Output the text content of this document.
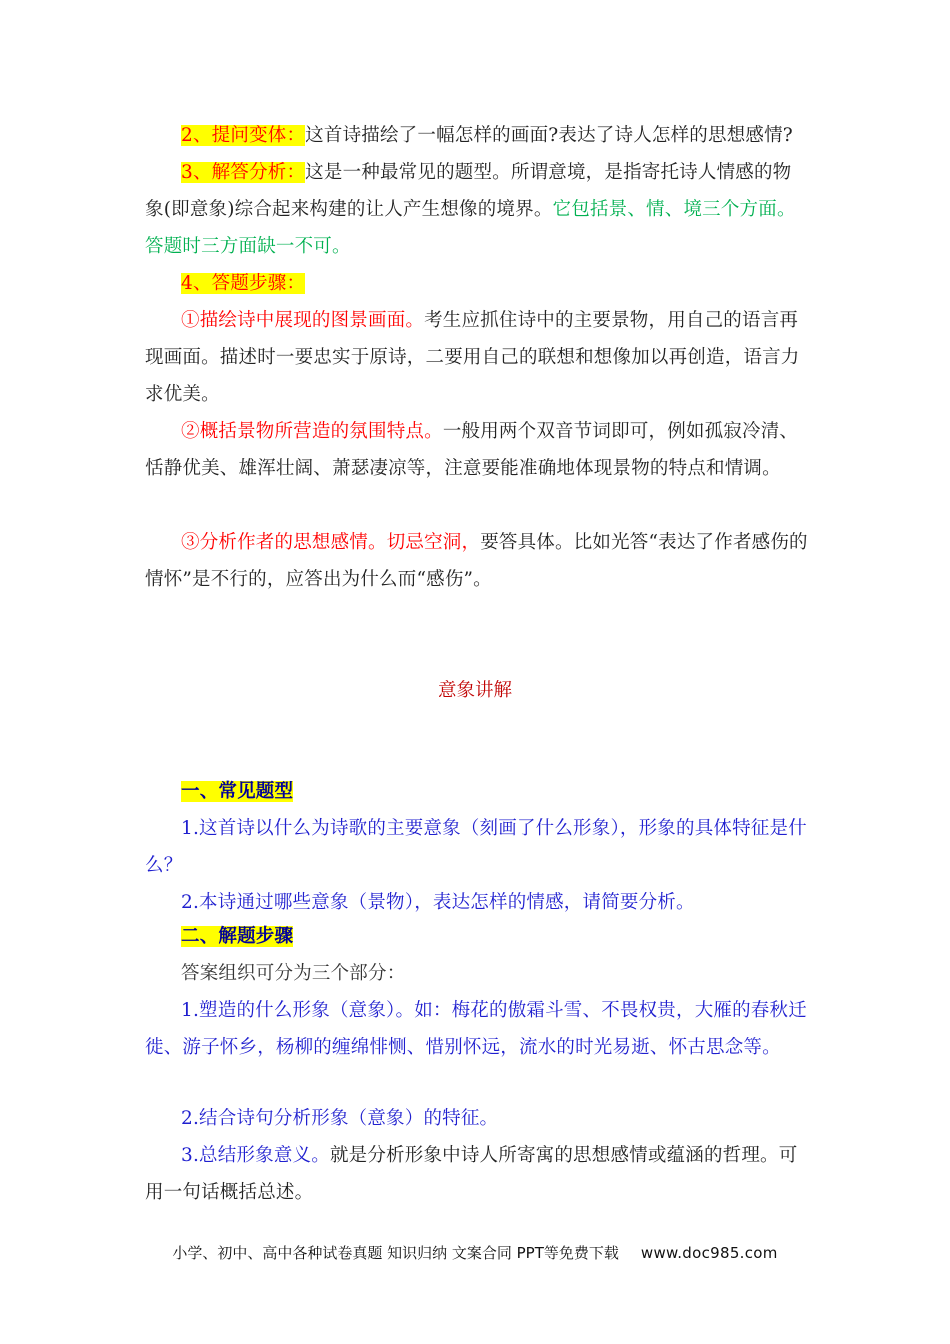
2、提问变体：这首诗描绘了一幅怎样的画面?表达了诗人怎样的思想感情?

3、解答分析：这是一种最常见的题型。所谓意境，是指寄托诗人情感的物象(即意象)综合起来构建的让人产生想像的境界。它包括景、情、境三个方面。答题时三方面缺一不可。

4、答题步骤：

①描绘诗中展现的图景画面。考生应抓住诗中的主要景物，用自己的语言再现画面。描述时一要忠实于原诗，二要用自己的联想和想像加以再创造，语言力求优美。

②概括景物所营造的氛围特点。一般用两个双音节词即可，例如孤寂冷清、恬静优美、雄浑壮阔、萧瑟凄凉等，注意要能准确地体现景物的特点和情调。

③分析作者的思想感情。切忌空洞，要答具体。比如光答“表达了作者感伤的情怀”是不行的，应答出为什么而“感伤”。

意象讲解

一、常见题型

1.这首诗以什么为诗歌的主要意象（刻画了什么形象），形象的具体特征是什么？

2.本诗通过哪些意象（景物），表达怎样的情感，请简要分析。

二、解题步骤

答案组织可分为三个部分：

1.塑造的什么形象（意象）。如：梅花的傲霜斗雪、不畏权贵，大雁的春秋迁徙、游子怀乡，杨柳的缠绵悱恻、惜别怀远，流水的时光易逝、怀古思念等。

2.结合诗句分析形象（意象）的特征。

3.总结形象意义。就是分析形象中诗人所寄寓的思想感情或蕴涵的哲理。可用一句话概括总述。

小学、初中、高中各种试卷真题 知识归纳 文案合同 PPT等免费下载 www.doc985.com
